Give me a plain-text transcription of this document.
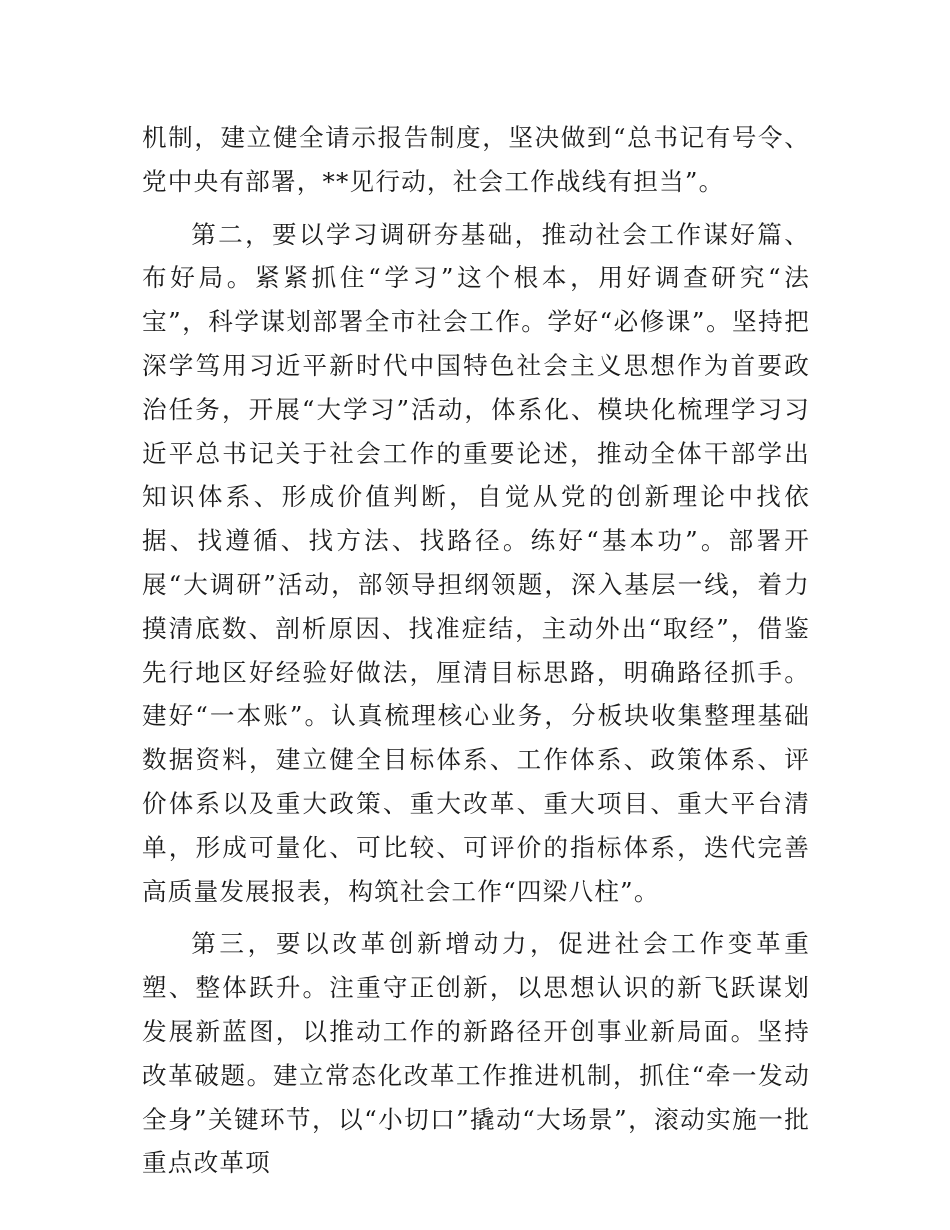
机制，建立健全请示报告制度，坚决做到“总书记有号令、党中央有部署，**见行动，社会工作战线有担当”。

第二，要以学习调研夯基础，推动社会工作谋好篇、布好局。紧紧抓住“学习”这个根本，用好调查研究“法宝”，科学谋划部署全市社会工作。学好“必修课”。坚持把深学笃用习近平新时代中国特色社会主义思想作为首要政治任务，开展“大学习”活动，体系化、模块化梳理学习习近平总书记关于社会工作的重要论述，推动全体干部学出知识体系、形成价值判断，自觉从党的创新理论中找依据、找遵循、找方法、找路径。练好“基本功”。部署开展“大调研”活动，部领导担纲领题，深入基层一线，着力摸清底数、剖析原因、找准症结，主动外出“取经”，借鉴先行地区好经验好做法，厘清目标思路，明确路径抓手。建好“一本账”。认真梳理核心业务，分板块收集整理基础数据资料，建立健全目标体系、工作体系、政策体系、评价体系以及重大政策、重大改革、重大项目、重大平台清单，形成可量化、可比较、可评价的指标体系，迭代完善高质量发展报表，构筑社会工作“四梁八柱”。

第三，要以改革创新增动力，促进社会工作变革重塑、整体跃升。注重守正创新，以思想认识的新飞跃谋划发展新蓝图，以推动工作的新路径开创事业新局面。坚持改革破题。建立常态化改革工作推进机制，抓住“牵一发动全身”关键环节，以“小切口”撬动“大场景”，滚动实施一批重点改革项
